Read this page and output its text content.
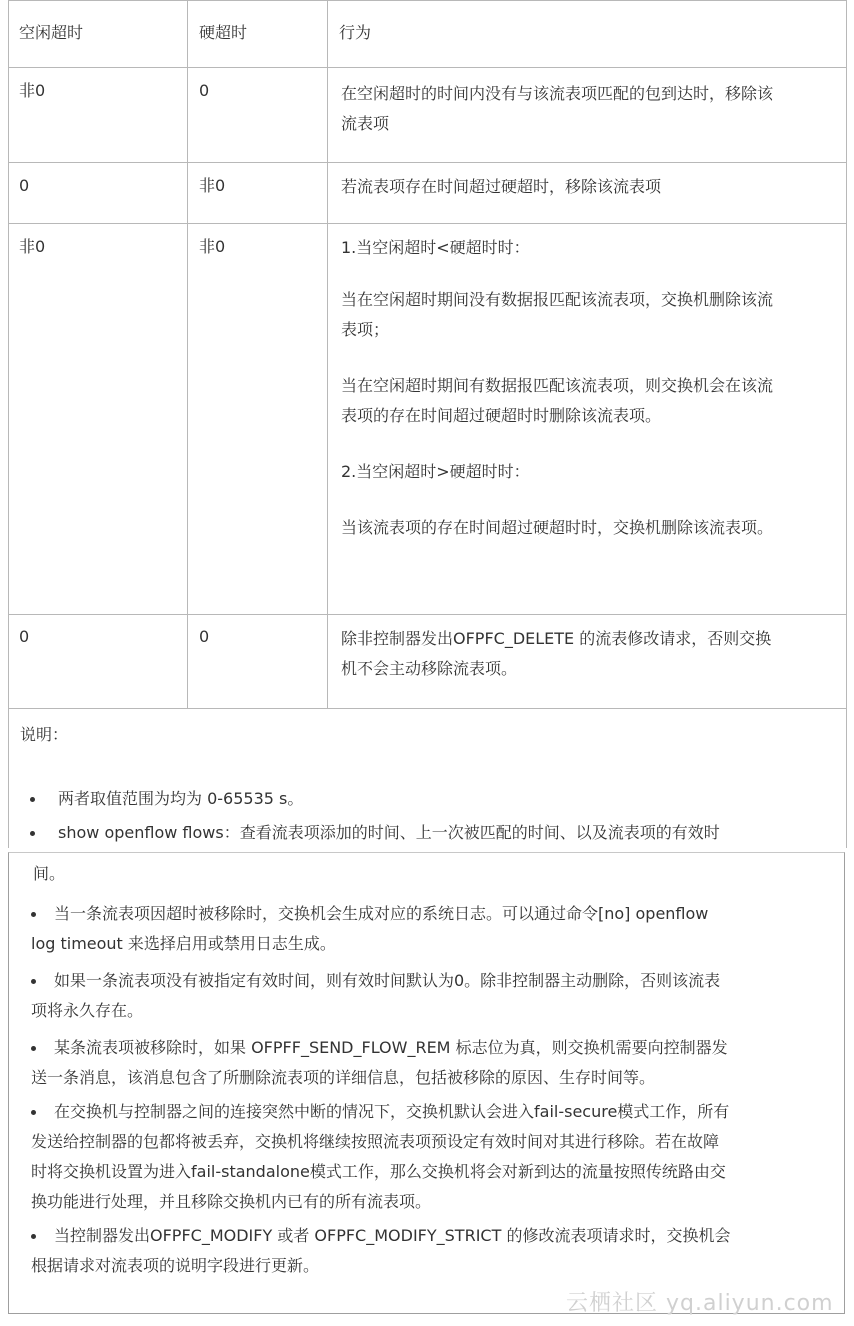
空闲超时	硬超时	行为
非0	0	在空闲超时的时间内没有与该流表项匹配的包到达时，移除该

流表项

0	非0	若流表项存在时间超过硬超时，移除该流表项

非0	非0	1.当空闲超时<硬超时时：

当在空闲超时期间没有数据报匹配该流表项，交换机删除该流

表项；

当在空闲超时期间有数据报匹配该流表项，则交换机会在该流

表项的存在时间超过硬超时时删除该流表项。

2.当空闲超时>硬超时时：

当该流表项的存在时间超过硬超时时，交换机删除该流表项。

0	0	除非控制器发出OFPFC_DELETE 的流表修改请求，否则交换

机不会主动移除流表项。

说明：
两者取值范围为均为 0-65535 s。
show openflow flows：查看流表项添加的时间、上一次被匹配的时间、以及流表项的有效时
间。
当一条流表项因超时被移除时，交换机会生成对应的系统日志。可以通过命令[no] openflow
log timeout 来选择启用或禁用日志生成。
如果一条流表项没有被指定有效时间，则有效时间默认为0。除非控制器主动删除，否则该流表
项将永久存在。
某条流表项被移除时，如果 OFPFF_SEND_FLOW_REM 标志位为真，则交换机需要向控制器发
送一条消息，该消息包含了所删除流表项的详细信息，包括被移除的原因、生存时间等。
在交换机与控制器之间的连接突然中断的情况下，交换机默认会进入fail-secure模式工作，所有
发送给控制器的包都将被丢弃，交换机将继续按照流表项预设定有效时间对其进行移除。若在故障
时将交换机设置为进入fail-standalone模式工作，那么交换机将会对新到达的流量按照传统路由交
换功能进行处理，并且移除交换机内已有的所有流表项。
当控制器发出OFPFC_MODIFY 或者 OFPFC_MODIFY_STRICT 的修改流表项请求时，交换机会
根据请求对流表项的说明字段进行更新。
云栖社区 yq.aliyun.com
